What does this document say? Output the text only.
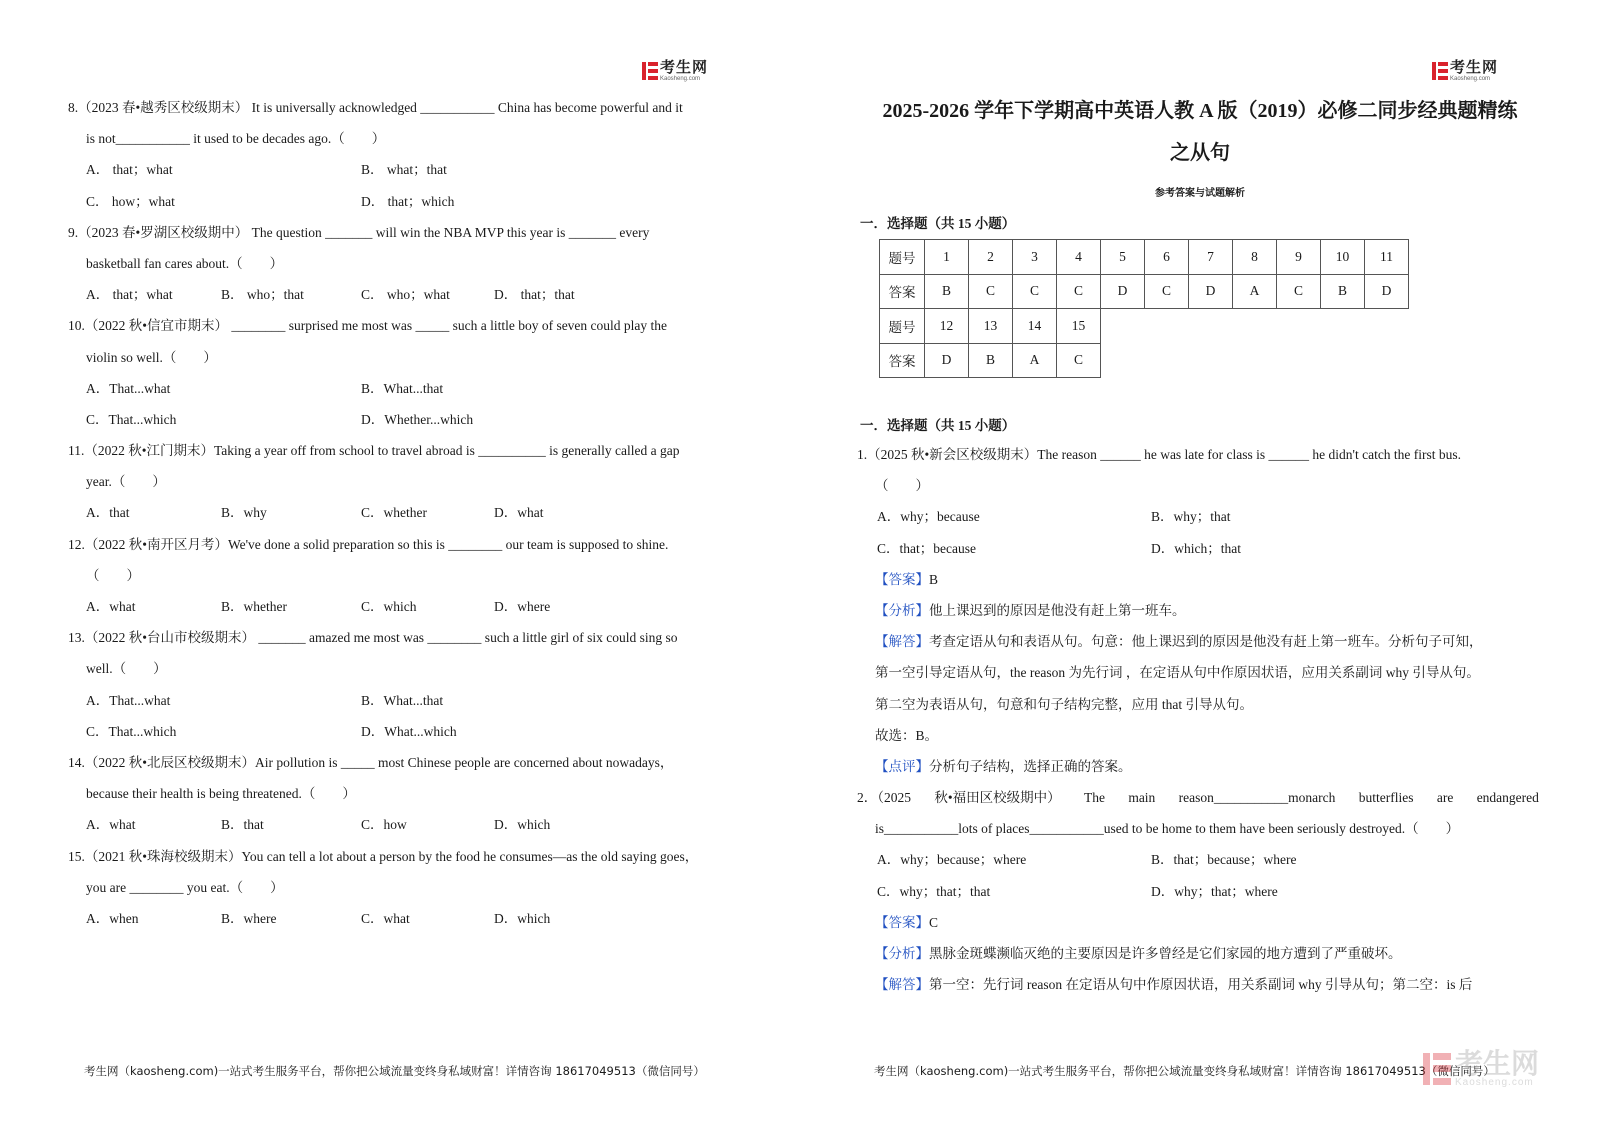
考生网
Kaosheng.com
8.（2023 春•越秀区校级期末） It is universally acknowledged ___________ China has become powerful and it
is not___________ it used to be decades ago.（　　）
A． that；what	B． what；that
C． how；what	D． that；which
9.（2023 春•罗湖区校级期中） The question _______ will win the NBA MVP this year is _______ every
basketball fan cares about.（　　）
A． that；what	B． who；that	C． who；what	D． that；that
10.（2022 秋•信宜市期末） ________ surprised me most was _____ such a little boy of seven could play the
violin so well.（　　）
A．That...what	B．What...that
C．That...which	D．Whether...which
11.（2022 秋•江门期末）Taking a year off from school to travel abroad is __________ is generally called a gap
year.（　　）
A．that	B．why	C．whether	D．what
12.（2022 秋•南开区月考）We've done a solid preparation so this is ________ our team is supposed to shine.
（　　）
A．what	B．whether	C．which	D．where
13.（2022 秋•台山市校级期末） _______ amazed me most was ________ such a little girl of six could sing so
well.（　　）
A．That...what	B．What...that
C．That...which	D．What...which
14.（2022 秋•北辰区校级期末）Air pollution is _____ most Chinese people are concerned about nowadays，
because their health is being threatened.（　　）
A．what	B．that	C．how	D．which
15.（2021 秋•珠海校级期末）You can tell a lot about a person by the food he consumes—as the old saying goes，
you are ________ you eat.（　　）
A．when	B．where	C．what	D．which
考生网（kaosheng.com)一站式考生服务平台，帮你把公域流量变终身私域财富！详情咨询 18617049513（微信同号）
考生网
Kaosheng.com
2025-2026 学年下学期高中英语人教 A 版（2019）必修二同步经典题精练
之从句
参考答案与试题解析
一．选择题（共 15 小题）
题号	1	2	3	4	5	6	7	8	9	10	11
答案	B	C	C	C	D	C	D	A	C	B	D
题号	12	13	14	15							
答案	D	B	A	C							
一．选择题（共 15 小题）
1.（2025 秋•新会区校级期末）The reason ______ he was late for class is ______ he didn't catch the first bus.
（　　）
A．why；because	B．why；that
C．that；because	D．which；that
【答案】B
【分析】他上课迟到的原因是他没有赶上第一班车。
【解答】考查定语从句和表语从句。句意：他上课迟到的原因是他没有赶上第一班车。分析句子可知，
第一空引导定语从句，the reason 为先行词 ，在定语从句中作原因状语，应用关系副词 why 引导从句。
第二空为表语从句，句意和句子结构完整，应用 that 引导从句。
故选：B。
【点评】分析句子结构，选择正确的答案。
2．（2025 秋•福田区校级期中） The main reason___________monarch butterflies are endangered
is___________lots of places___________used to be home to them have been seriously destroyed.（　　）
A．why；because；where	B．that；because；where
C．why；that；that	D．why；that；where
【答案】C
【分析】黑脉金斑蝶濒临灭绝的主要原因是许多曾经是它们家园的地方遭到了严重破坏。
【解答】第一空：先行词 reason 在定语从句中作原因状语，用关系副词 why 引导从句；第二空：is 后
考生网（kaosheng.com)一站式考生服务平台，帮你把公域流量变终身私域财富！详情咨询 18617049513（微信同号）
考生网
Kaosheng.com
